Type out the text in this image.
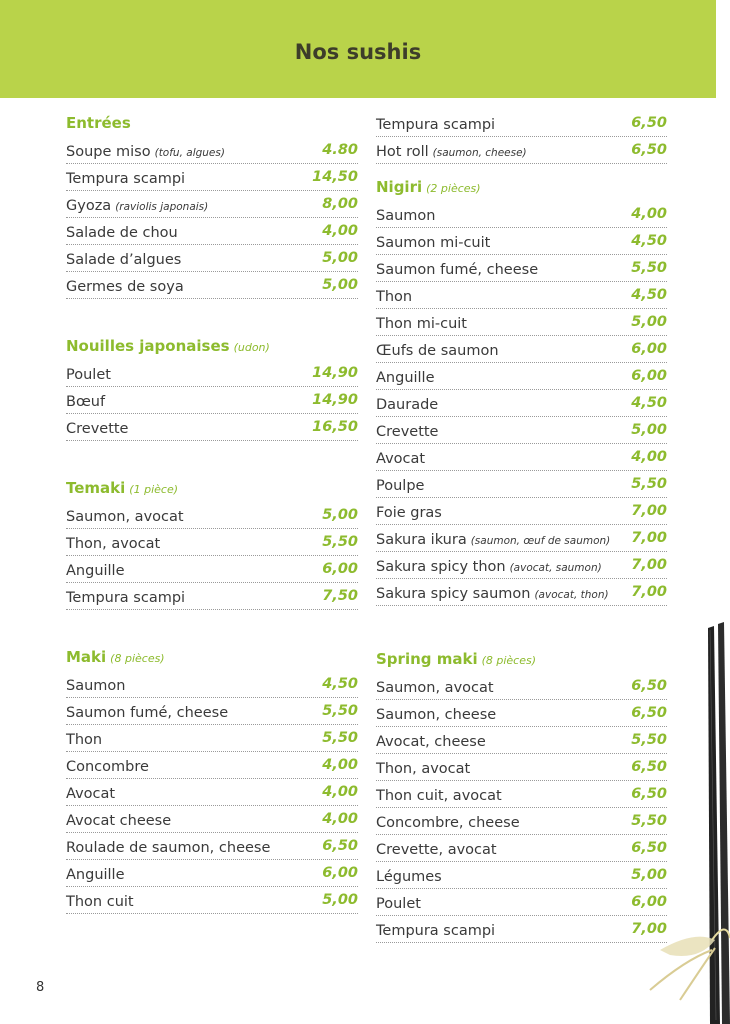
Nos sushis
Entrées
Soupe miso (tofu, algues)	4.80
Tempura scampi	14,50
Gyoza (raviolis japonais)	8,00
Salade de chou	4,00
Salade d’algues	5,00
Germes de soya	5,00
Nouilles japonaises (udon)
Poulet	14,90
Bœuf	14,90
Crevette	16,50
Temaki (1 pièce)
Saumon, avocat	5,00
Thon, avocat	5,50
Anguille	6,00
Tempura scampi	7,50
Maki (8 pièces)
Saumon	4,50
Saumon fumé, cheese	5,50
Thon	5,50
Concombre	4,00
Avocat	4,00
Avocat cheese	4,00
Roulade de saumon, cheese	6,50
Anguille	6,00
Thon cuit	5,00
Tempura scampi	6,50
Hot roll (saumon, cheese)	6,50
Nigiri (2 pièces)
Saumon	4,00
Saumon mi-cuit	4,50
Saumon fumé, cheese	5,50
Thon	4,50
Thon mi-cuit	5,00
Œufs de saumon	6,00
Anguille	6,00
Daurade	4,50
Crevette	5,00
Avocat	4,00
Poulpe	5,50
Foie gras	7,00
Sakura ikura (saumon, œuf de saumon) 7,00
Sakura spicy thon (avocat, saumon) 7,00
Sakura spicy saumon (avocat, thon) 7,00
Spring maki (8 pièces)
Saumon, avocat	6,50
Saumon, cheese	6,50
Avocat, cheese	5,50
Thon, avocat	6,50
Thon cuit, avocat	6,50
Concombre, cheese	5,50
Crevette, avocat	6,50
Légumes	5,00
Poulet	6,00
Tempura scampi	7,00
8
